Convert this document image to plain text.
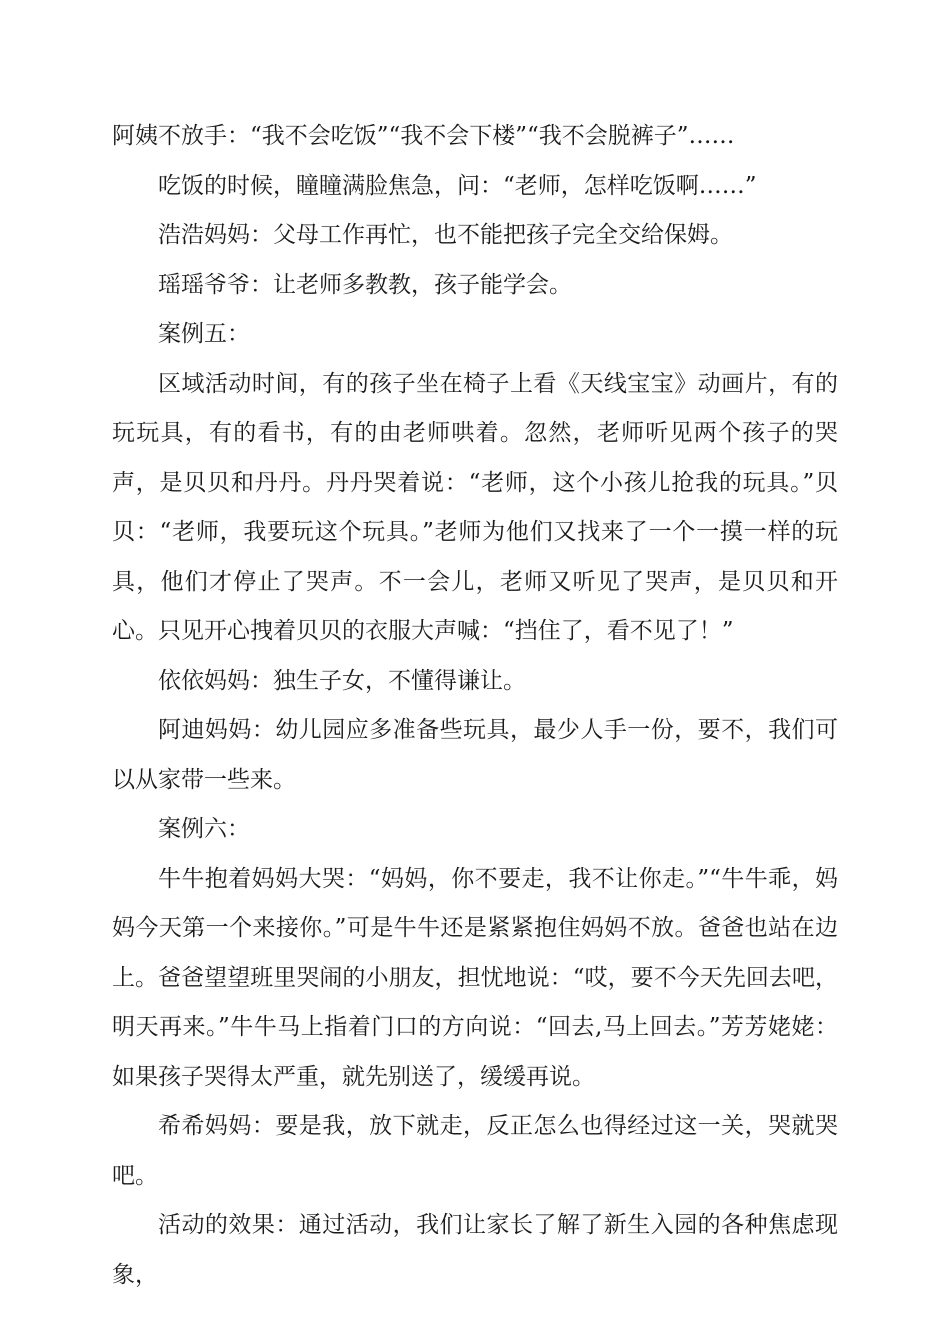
阿姨不放手：“我不会吃饭”“我不会下楼”“我不会脱裤子”……

吃饭的时候，瞳瞳满脸焦急，问：“老师，怎样吃饭啊……”

浩浩妈妈：父母工作再忙，也不能把孩子完全交给保姆。

瑶瑶爷爷：让老师多教教，孩子能学会。

案例五：

区域活动时间，有的孩子坐在椅子上看《天线宝宝》动画片，有的玩玩具，有的看书，有的由老师哄着。忽然，老师听见两个孩子的哭声，是贝贝和丹丹。丹丹哭着说：“老师，这个小孩儿抢我的玩具。”贝贝：“老师，我要玩这个玩具。”老师为他们又找来了一个一摸一样的玩具，他们才停止了哭声。不一会儿，老师又听见了哭声，是贝贝和开心。只见开心拽着贝贝的衣服大声喊：“挡住了，看不见了！”

依依妈妈：独生子女，不懂得谦让。

阿迪妈妈：幼儿园应多准备些玩具，最少人手一份，要不，我们可以从家带一些来。

案例六：

牛牛抱着妈妈大哭：“妈妈，你不要走，我不让你走。”“牛牛乖，妈妈今天第一个来接你。”可是牛牛还是紧紧抱住妈妈不放。爸爸也站在边上。爸爸望望班里哭闹的小朋友，担忧地说：“哎，要不今天先回去吧，明天再来。”牛牛马上指着门口的方向说：“回去,马上回去。”芳芳姥姥：如果孩子哭得太严重，就先别送了，缓缓再说。

希希妈妈：要是我，放下就走，反正怎么也得经过这一关，哭就哭吧。

活动的效果：通过活动，我们让家长了解了新生入园的各种焦虑现象，
